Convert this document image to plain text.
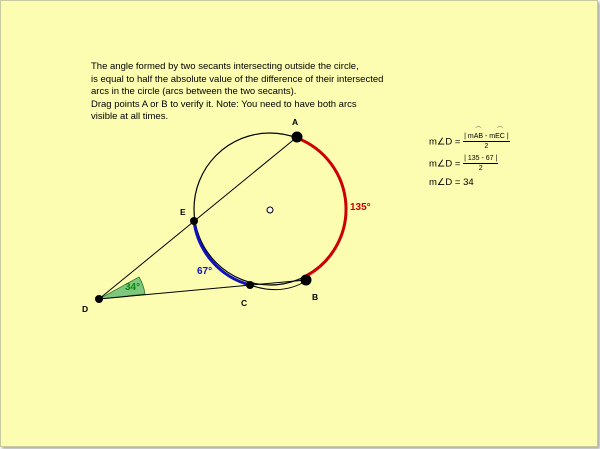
The angle formed by two secants intersecting outside the circle,
is equal to half the absolute value of the difference of their intersected
arcs in the circle (arcs between the two secants).
Drag points A or B to verify it. Note: You need to have both arcs
visible at all times.	A
B
C
D
E	135°
67°
34°
m∠D = $\frac{| m⌒ AB - m⌒ EC |}{2}$
m∠D = $\frac{| 135 - 67 |}{2}$
m∠D = 34
